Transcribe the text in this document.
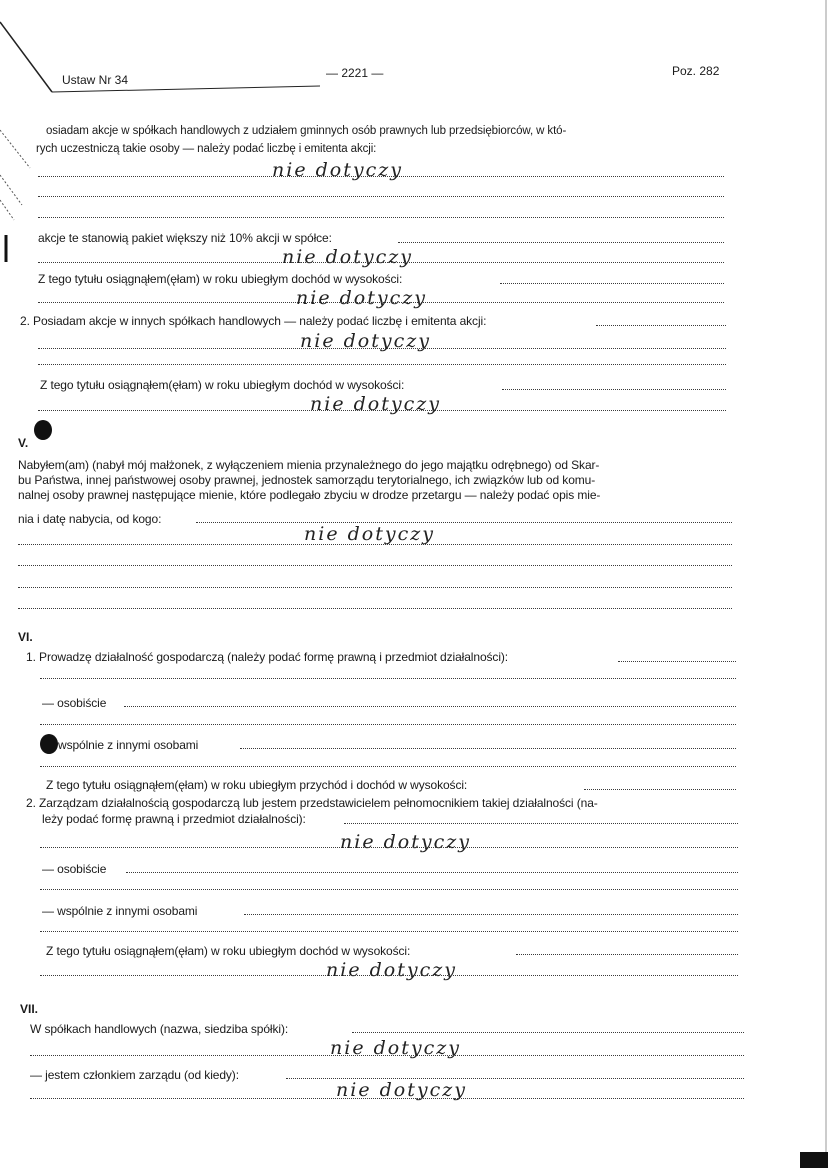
Ustaw Nr 34	— 2221 —	Poz. 282
osiadam akcje w spółkach handlowych z udziałem gminnych osób prawnych lub przedsiębiorców, w któ-
rych uczestniczą takie osoby — należy podać liczbę i emitenta akcji:
nie dotyczy
akcje te stanowią pakiet większy niż 10% akcji w spółce:
nie dotyczy
Z tego tytułu osiągnąłem(ęłam) w roku ubiegłym dochód w wysokości:
nie dotyczy
2. Posiadam akcje w innych spółkach handlowych — należy podać liczbę i emitenta akcji:
nie dotyczy
Z tego tytułu osiągnąłem(ęłam) w roku ubiegłym dochód w wysokości:
nie dotyczy
V.
Nabyłem(am) (nabył mój małżonek, z wyłączeniem mienia przynależnego do jego majątku odrębnego) od Skar-
bu Państwa, innej państwowej osoby prawnej, jednostek samorządu terytorialnego, ich związków lub od komu-
nalnej osoby prawnej następujące mienie, które podlegało zbyciu w drodze przetargu — należy podać opis mie-
nia i datę nabycia, od kogo:
nie dotyczy
VI.
1. Prowadzę działalność gospodarczą (należy podać formę prawną i przedmiot działalności):
— osobiście
wspólnie z innymi osobami
Z tego tytułu osiągnąłem(ęłam) w roku ubiegłym przychód i dochód w wysokości:
2. Zarządzam działalnością gospodarczą lub jestem przedstawicielem pełnomocnikiem takiej działalności (na-
leży podać formę prawną i przedmiot działalności):
nie dotyczy
— osobiście
— wspólnie z innymi osobami
Z tego tytułu osiągnąłem(ęłam) w roku ubiegłym dochód w wysokości:
nie dotyczy
VII.
W spółkach handlowych (nazwa, siedziba spółki):
nie dotyczy
— jestem członkiem zarządu (od kiedy):
nie dotyczy
